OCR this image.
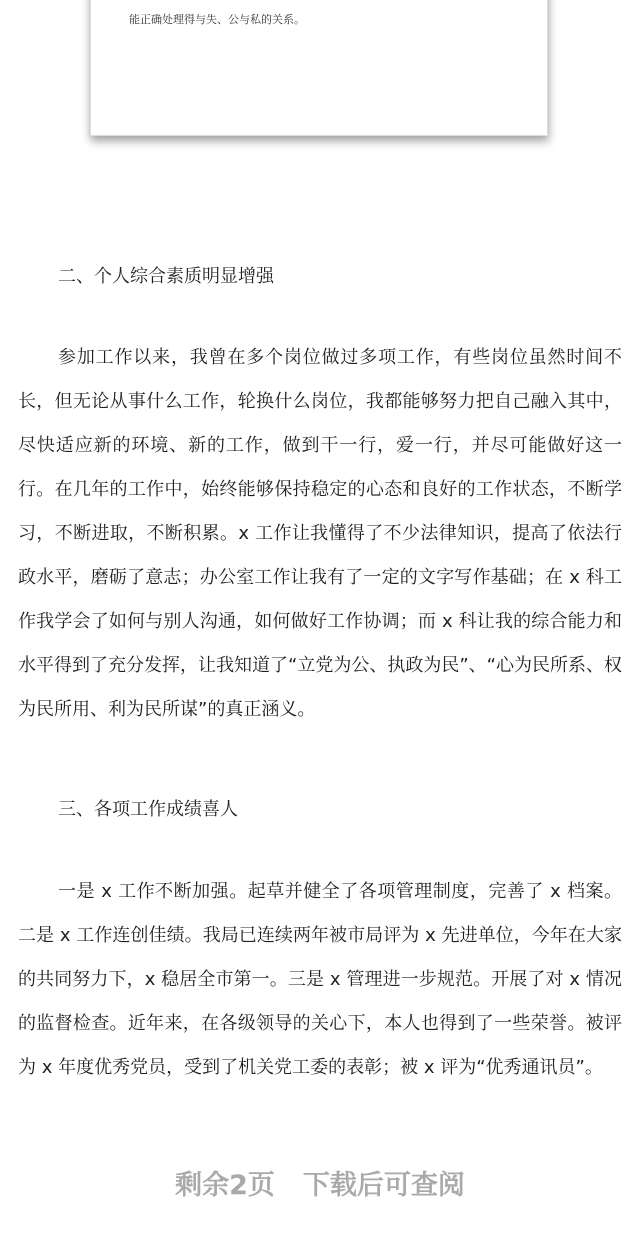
能正确处理得与失、公与私的关系。
二、个人综合素质明显增强

参加工作以来，我曾在多个岗位做过多项工作，有些岗位虽然时间不长，但无论从事什么工作，轮换什么岗位，我都能够努力把自己融入其中，尽快适应新的环境、新的工作，做到干一行，爱一行，并尽可能做好这一行。在几年的工作中，始终能够保持稳定的心态和良好的工作状态，不断学习，不断进取，不断积累。x 工作让我懂得了不少法律知识，提高了依法行政水平，磨砺了意志；办公室工作让我有了一定的文字写作基础；在 x 科工作我学会了如何与别人沟通，如何做好工作协调；而 x 科让我的综合能力和水平得到了充分发挥，让我知道了“立党为公、执政为民”、“心为民所系、权为民所用、利为民所谋”的真正涵义。

三、各项工作成绩喜人

一是 x 工作不断加强。起草并健全了各项管理制度，完善了 x 档案。二是 x 工作连创佳绩。我局已连续两年被市局评为 x 先进单位，今年在大家的共同努力下，x 稳居全市第一。三是 x 管理进一步规范。开展了对 x 情况的监督检查。近年来，在各级领导的关心下，本人也得到了一些荣誉。被评为 x 年度优秀党员，受到了机关党工委的表彰；被 x 评为“优秀通讯员”。

剩余2页 下载后可查阅
